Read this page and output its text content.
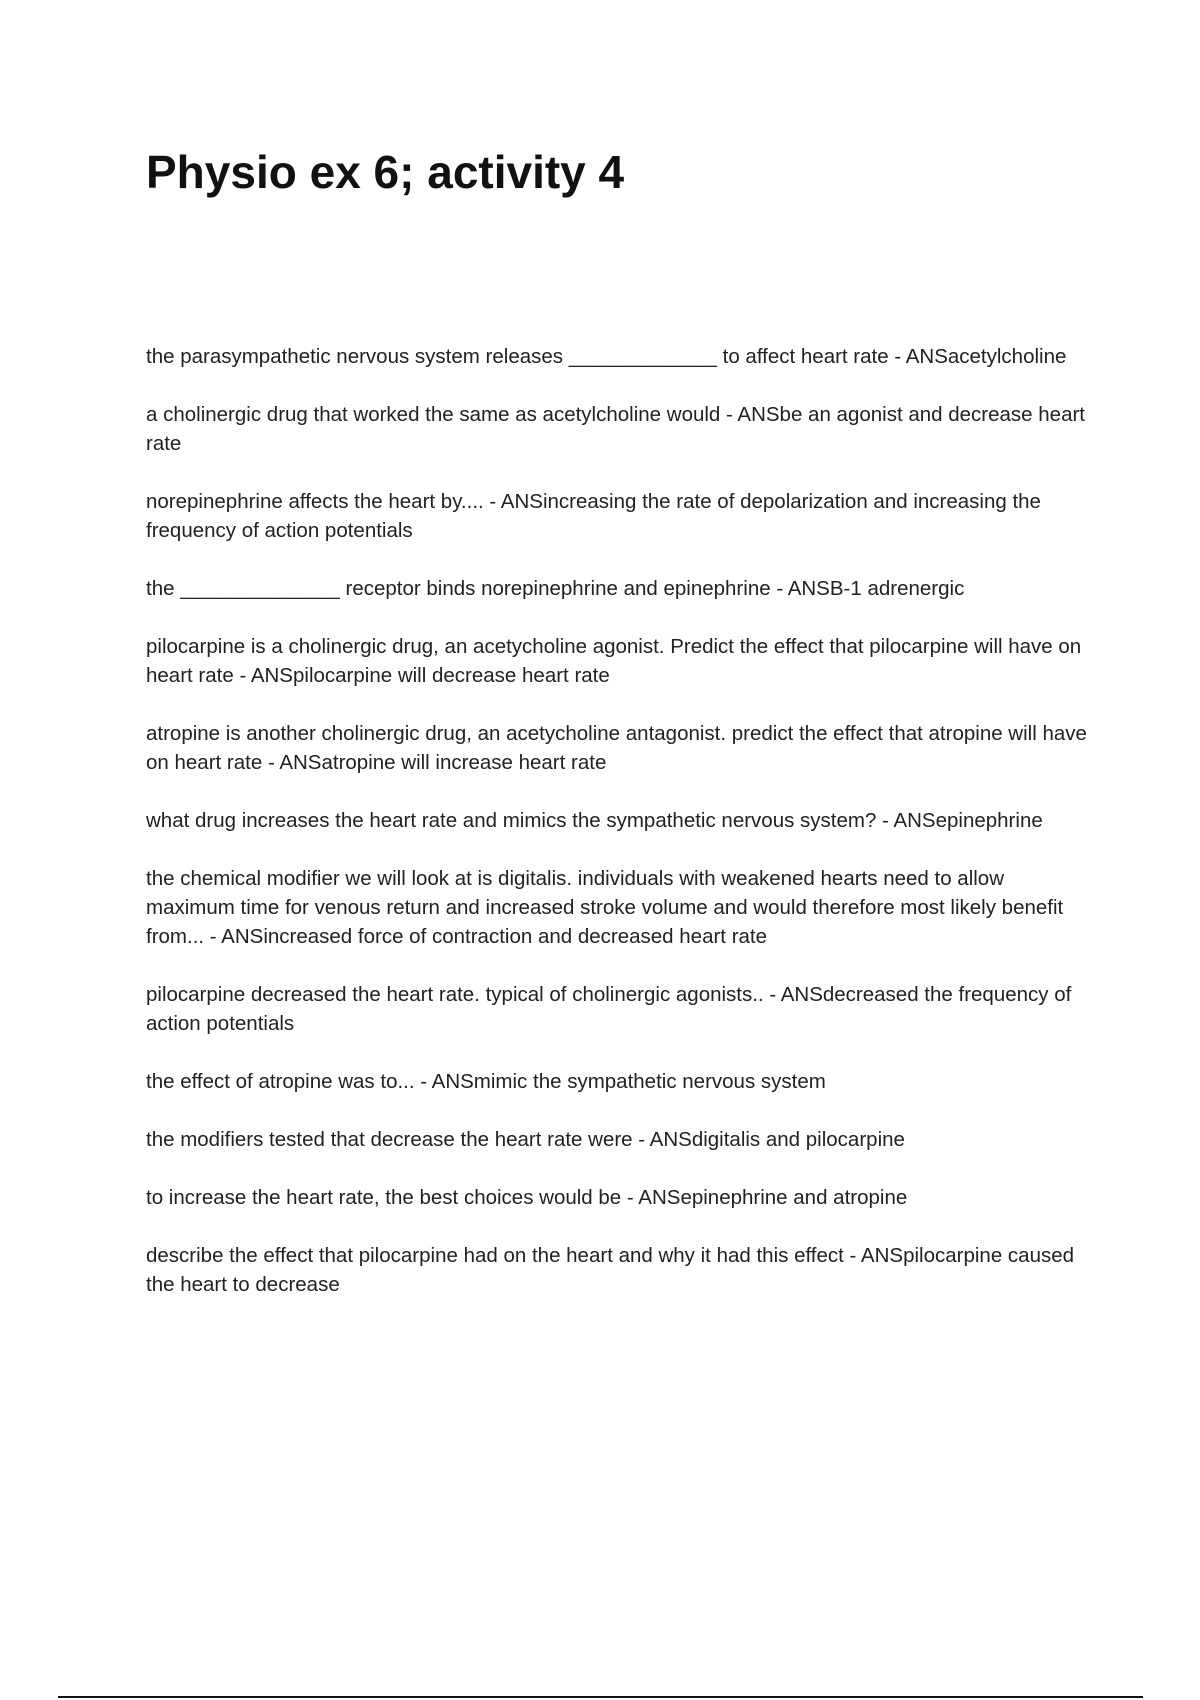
Physio ex 6; activity 4
the parasympathetic nervous system releases _____________ to affect heart rate - ANSacetylcholine
a cholinergic drug that worked the same as acetylcholine would - ANSbe an agonist and decrease heart rate
norepinephrine affects the heart by.... - ANSincreasing the rate of depolarization and increasing the frequency of action potentials
the ______________ receptor binds norepinephrine and epinephrine - ANSB-1 adrenergic
pilocarpine is a cholinergic drug, an acetycholine agonist. Predict the effect that pilocarpine will have on heart rate - ANSpilocarpine will decrease heart rate
atropine is another cholinergic drug, an acetycholine antagonist. predict the effect that atropine will have on heart rate - ANSatropine will increase heart rate
what drug increases the heart rate and mimics the sympathetic nervous system? - ANSepinephrine
the chemical modifier we will look at is digitalis. individuals with weakened hearts need to allow maximum time for venous return and increased stroke volume and would therefore most likely benefit from... - ANSincreased force of contraction and decreased heart rate
pilocarpine decreased the heart rate. typical of cholinergic agonists.. - ANSdecreased the frequency of action potentials
the effect of atropine was to... - ANSmimic the sympathetic nervous system
the modifiers tested that decrease the heart rate were - ANSdigitalis and pilocarpine
to increase the heart rate, the best choices would be - ANSepinephrine and atropine
describe the effect that pilocarpine had on the heart and why it had this effect - ANSpilocarpine caused the heart to decrease
